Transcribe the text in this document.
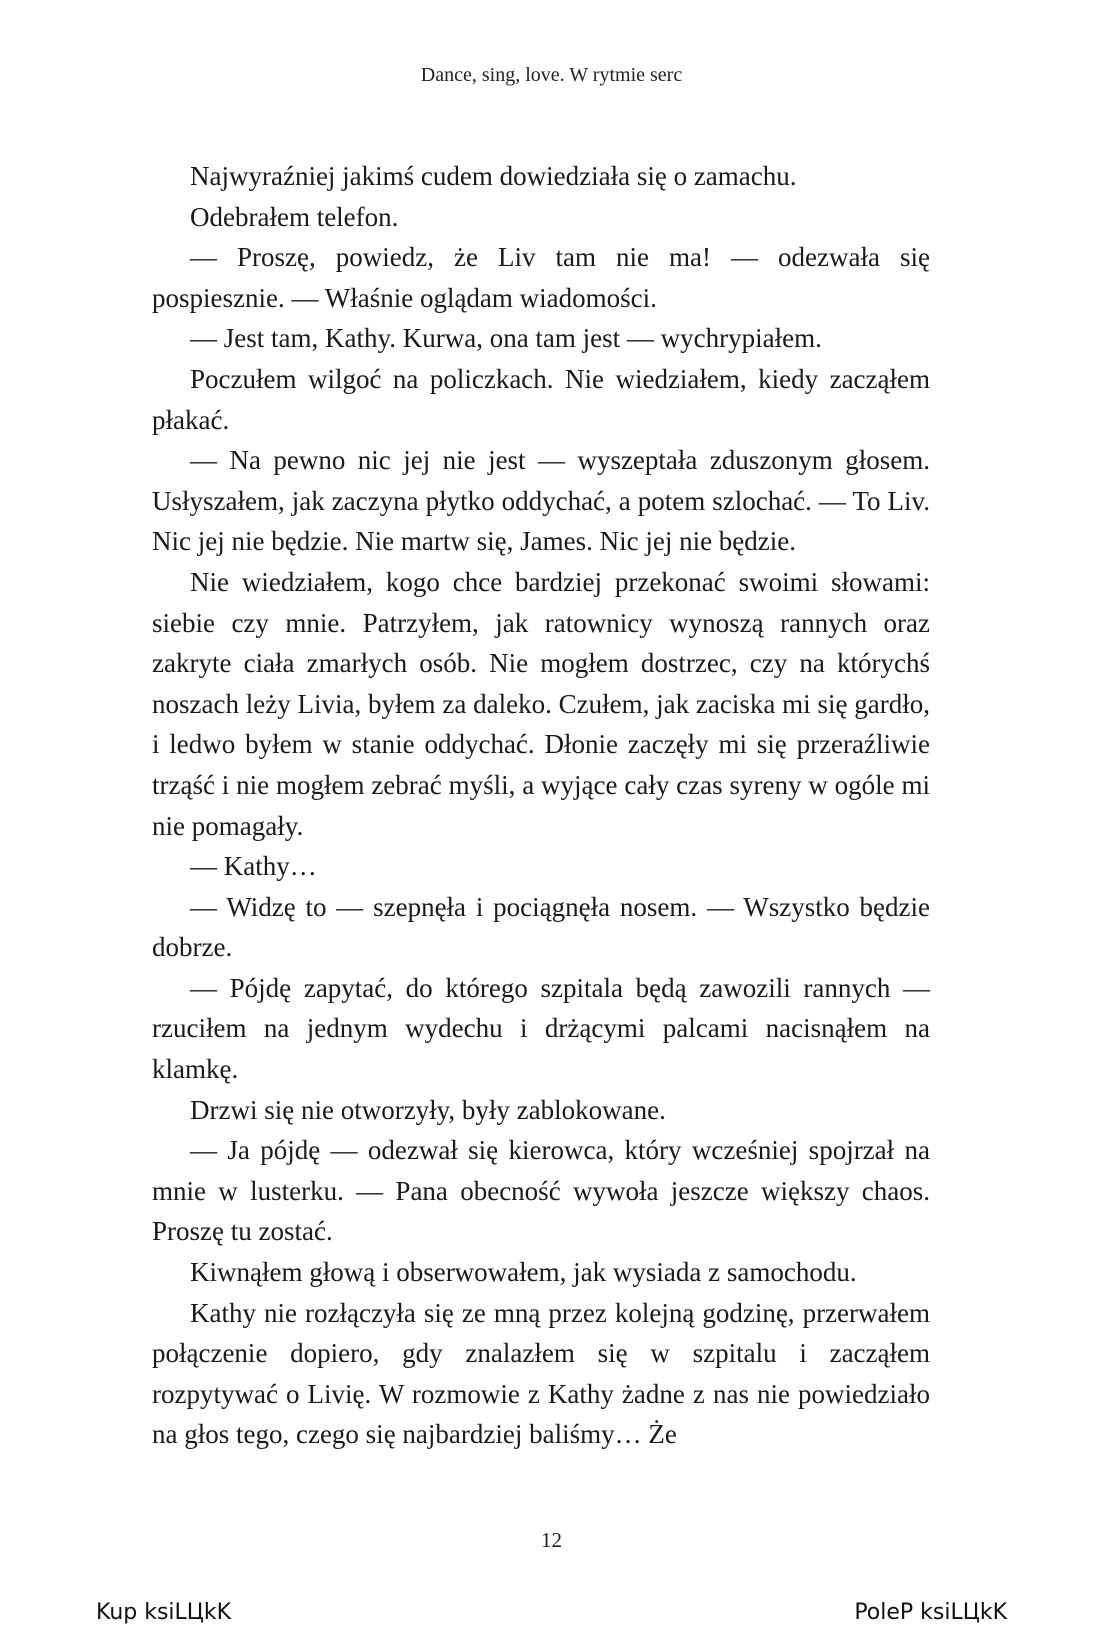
Dance, sing, love. W rytmie serc

Najwyraźniej jakimś cudem dowiedziała się o zamachu.

Odebrałem telefon.

— Proszę, powiedz, że Liv tam nie ma! — odezwała się pospiesznie. — Właśnie oglądam wiadomości.

— Jest tam, Kathy. Kurwa, ona tam jest — wychrypiałem.

Poczułem wilgoć na policzkach. Nie wiedziałem, kiedy zacząłem płakać.

— Na pewno nic jej nie jest — wyszeptała zduszonym głosem. Usłyszałem, jak zaczyna płytko oddychać, a potem szlochać. — To Liv. Nic jej nie będzie. Nie martw się, James. Nic jej nie będzie.

Nie wiedziałem, kogo chce bardziej przekonać swoimi słowami: siebie czy mnie. Patrzyłem, jak ratownicy wynoszą rannych oraz zakryte ciała zmarłych osób. Nie mogłem dostrzec, czy na którychś noszach leży Livia, byłem za daleko. Czułem, jak zaciska mi się gardło, i ledwo byłem w stanie oddychać. Dłonie zaczęły mi się przeraźliwie trząść i nie mogłem zebrać myśli, a wyjące cały czas syreny w ogóle mi nie pomagały.

— Kathy…

— Widzę to — szepnęła i pociągnęła nosem. — Wszystko będzie dobrze.

— Pójdę zapytać, do którego szpitala będą zawozili rannych — rzuciłem na jednym wydechu i drżącymi palcami nacisnąłem na klamkę.

Drzwi się nie otworzyły, były zablokowane.

— Ja pójdę — odezwał się kierowca, który wcześniej spojrzał na mnie w lusterku. — Pana obecność wywoła jeszcze większy chaos. Proszę tu zostać.

Kiwnąłem głową i obserwowałem, jak wysiada z samochodu.

Kathy nie rozłączyła się ze mną przez kolejną godzinę, przerwałem połączenie dopiero, gdy znalazłem się w szpitalu i zacząłem rozpytywać o Livię. W rozmowie z Kathy żadne z nas nie powiedziało na głos tego, czego się najbardziej baliśmy… Że

12
Kup ksiLЦkK	PoleP ksiLЦkK
